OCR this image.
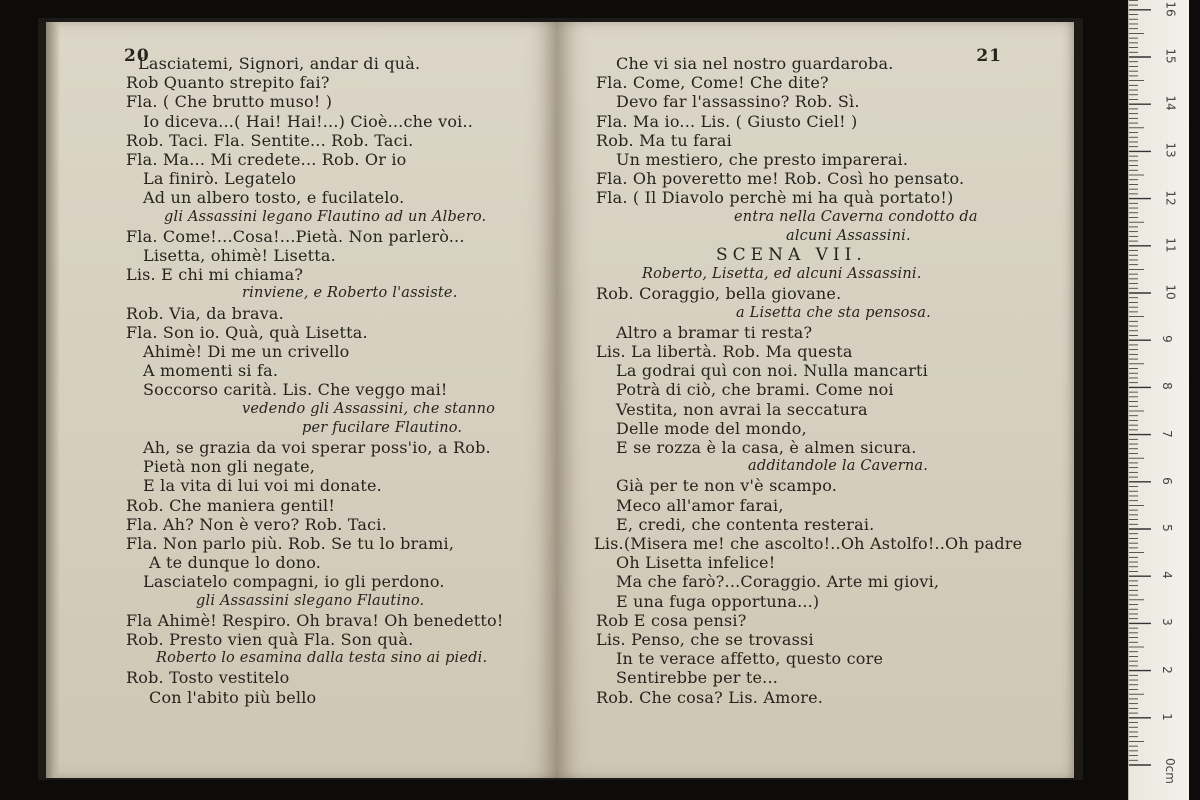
20
Lasciatemi, Signori, andar di quà.
Rob Quanto strepito fai?
Fla. ( Che brutto muso! )
Io diceva...( Hai! Hai!...) Cioè...che voi..
Rob. Taci. Fla. Sentite... Rob. Taci.
Fla. Ma... Mi credete... Rob. Or io
La finirò. Legatelo
Ad un albero tosto, e fucilatelo.
gli Assassini legano Flautino ad un Albero.
Fla. Come!...Cosa!...Pietà. Non parlerò...
Lisetta, ohimè! Lisetta.
Lis. E chi mi chiama?
rinviene, e Roberto l'assiste.
Rob. Via, da brava.
Fla. Son io. Quà, quà Lisetta.
Ahimè! Di me un crivello
A momenti si fa.
Soccorso carità. Lis. Che veggo mai!
vedendo gli Assassini, che stanno
per fucilare Flautino.
Ah, se grazia da voi sperar poss'io, a Rob.
Pietà non gli negate,
E la vita di lui voi mi donate.
Rob. Che maniera gentil!
Fla. Ah? Non è vero? Rob. Taci.
Fla. Non parlo più. Rob. Se tu lo brami,
A te dunque lo dono.
Lasciatelo compagni, io gli perdono.
gli Assassini slegano Flautino.
Fla Ahimè! Respiro. Oh brava! Oh benedetto!
Rob. Presto vien quà Fla. Son quà.
Roberto lo esamina dalla testa sino ai piedi.
Rob. Tosto vestitelo
Con l'abito più bello
21
Che vi sia nel nostro guardaroba.
Fla. Come, Come! Che dite?
Devo far l'assassino? Rob. Sì.
Fla. Ma io... Lis. ( Giusto Ciel! )
Rob. Ma tu farai
Un mestiero, che presto imparerai.
Fla. Oh poveretto me! Rob. Così ho pensato.
Fla. ( Il Diavolo perchè mi ha quà portato!)
entra nella Caverna condotto da
alcuni Assassini.
SCENA VII.
Roberto, Lisetta, ed alcuni Assassini.
Rob. Coraggio, bella giovane.
a Lisetta che sta pensosa.
Altro a bramar ti resta?
Lis. La libertà. Rob. Ma questa
La godrai quì con noi. Nulla mancarti
Potrà di ciò, che brami. Come noi
Vestita, non avrai la seccatura
Delle mode del mondo,
E se rozza è la casa, è almen sicura.
additandole la Caverna.
Già per te non v'è scampo.
Meco all'amor farai,
E, credi, che contenta resterai.
Lis.(Misera me! che ascolto!..Oh Astolfo!..Oh padre
Oh Lisetta infelice!
Ma che farò?...Coraggio. Arte mi giovi,
E una fuga opportuna...)
Rob E cosa pensi?
Lis. Penso, che se trovassi
In te verace affetto, questo core
Sentirebbe per te...
Rob. Che cosa? Lis. Amore.
1
2
3
4
5
6
7
8
9
10
11
12
13
14
15
16
0cm
